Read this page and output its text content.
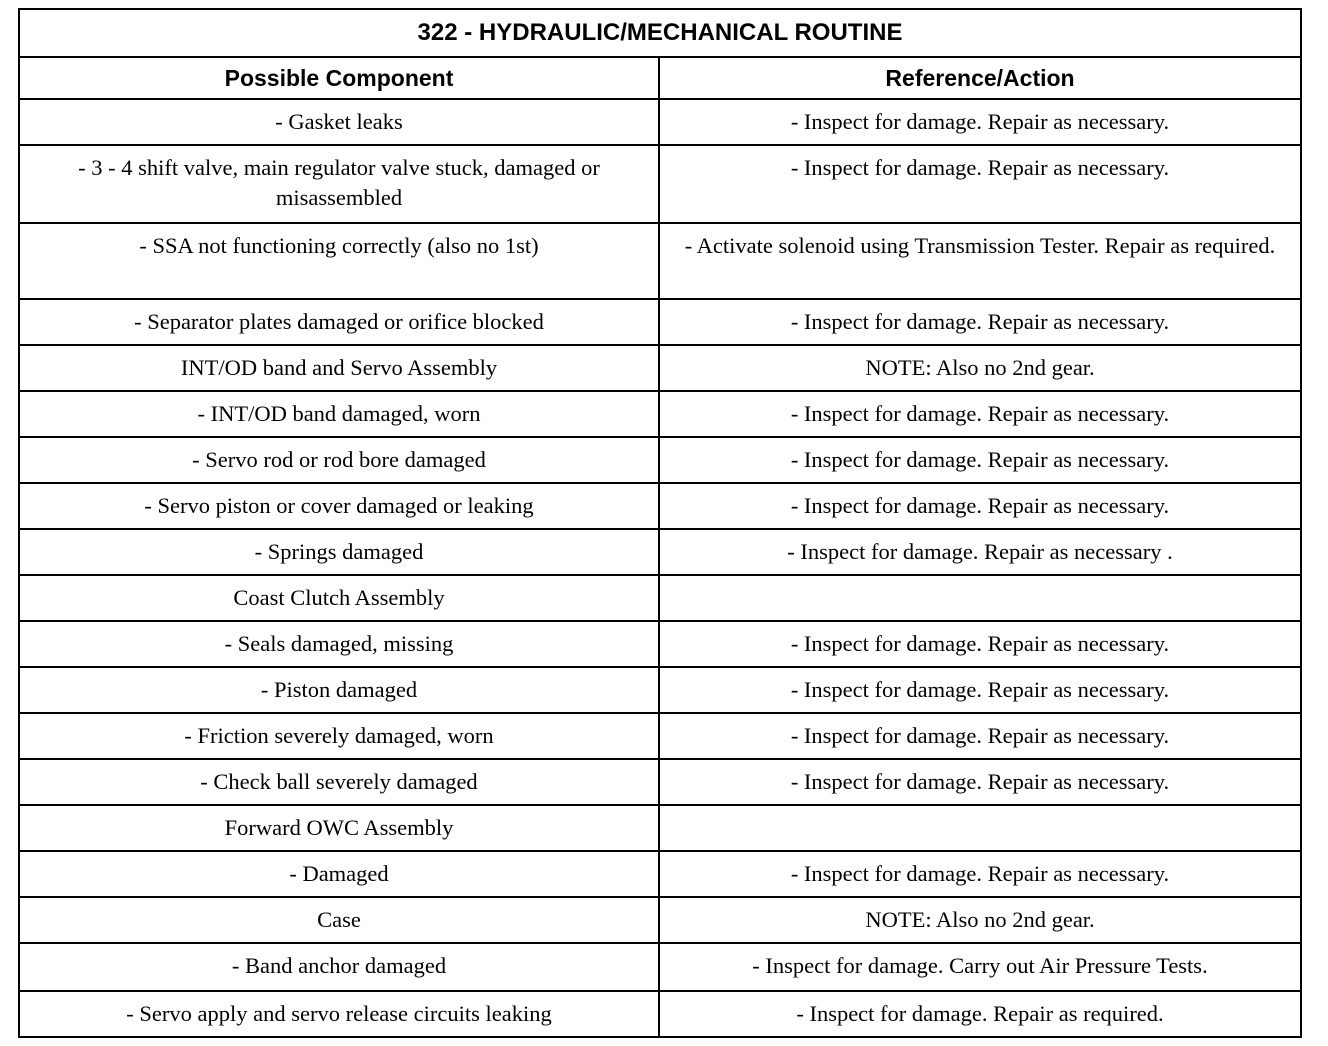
322 - HYDRAULIC/MECHANICAL ROUTINE	
Possible Component	Reference/Action
- Gasket leaks	- Inspect for damage. Repair as necessary.
- 3 - 4 shift valve, main regulator valve stuck, damaged or misassembled	- Inspect for damage. Repair as necessary.
- SSA not functioning correctly (also no 1st)	- Activate solenoid using Transmission Tester. Repair as required.
- Separator plates damaged or orifice blocked	- Inspect for damage. Repair as necessary.
INT/OD band and Servo Assembly	NOTE: Also no 2nd gear.
- INT/OD band damaged, worn	- Inspect for damage. Repair as necessary.
- Servo rod or rod bore damaged	- Inspect for damage. Repair as necessary.
- Servo piston or cover damaged or leaking	- Inspect for damage. Repair as necessary.
- Springs damaged	- Inspect for damage. Repair as necessary .
Coast Clutch Assembly	
- Seals damaged, missing	- Inspect for damage. Repair as necessary.
- Piston damaged	- Inspect for damage. Repair as necessary.
- Friction severely damaged, worn	- Inspect for damage. Repair as necessary.
- Check ball severely damaged	- Inspect for damage. Repair as necessary.
Forward OWC Assembly	
- Damaged	- Inspect for damage. Repair as necessary.
Case	NOTE: Also no 2nd gear.
- Band anchor damaged	- Inspect for damage. Carry out Air Pressure Tests.
- Servo apply and servo release circuits leaking	- Inspect for damage. Repair as required.
